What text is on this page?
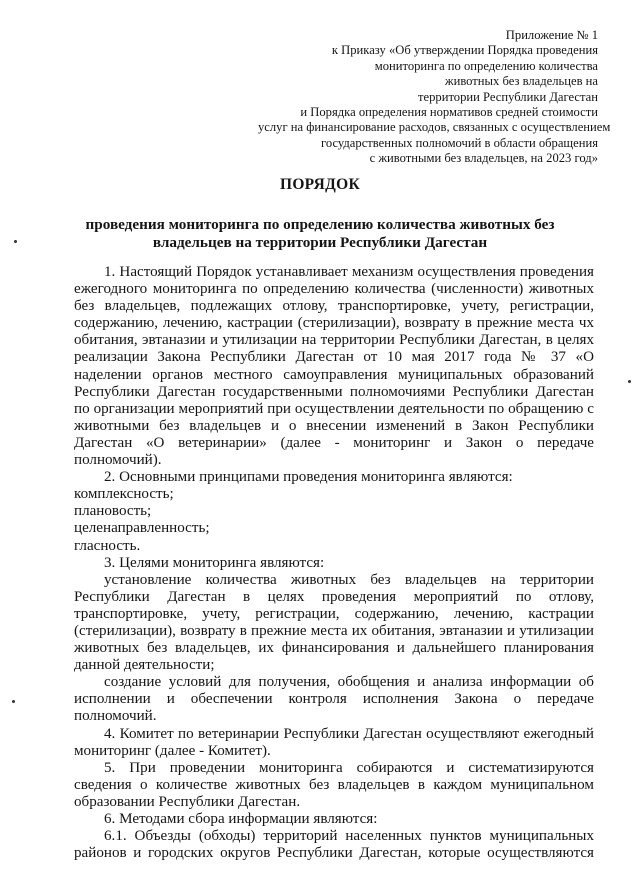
Приложение № 1
к Приказу «Об утверждении Порядка проведения
мониторинга по определению количества
животных без владельцев на
территории Республики Дагестан
и Порядка определения нормативов средней стоимости
услуг на финансирование расходов, связанных с осуществлением
государственных полномочий в области обращения
с животными без владельцев, на 2023 год»
ПОРЯДОК
проведения мониторинга по определению количества животных без владельцев на территории Республики Дагестан

1. Настоящий Порядок устанавливает механизм осуществления проведения ежегодного мониторинга по определению количества (численности) животных без владельцев, подлежащих отлову, транспортировке, учету, регистрации, содержанию, лечению, кастрации (стерилизации), возврату в прежние места чх обитания, эвтаназии и утилизации на территории Республики Дагестан, в целях реализации Закона Республики Дагестан от 10 мая 2017 года № 37 «О наделении органов местного самоуправления муниципальных образований Республики Дагестан государственными полномочиями Республики Дагестан по организации мероприятий при осуществлении деятельности по обращению с животными без владельцев и о внесении изменений в Закон Республики Дагестан «О ветеринарии» (далее - мониторинг и Закон о передаче полномочий).

2. Основными принципами проведения мониторинга являются:

комплексность;

плановость;

целенаправленность;

гласность.

3. Целями мониторинга являются:

установление количества животных без владельцев на территории Республики Дагестан в целях проведения мероприятий по отлову, транспортировке, учету, регистрации, содержанию, лечению, кастрации (стерилизации), возврату в прежние места их обитания, эвтаназии и утилизации животных без владельцев, их финансирования и дальнейшего планирования данной деятельности;

создание условий для получения, обобщения и анализа информации об исполнении и обеспечении контроля исполнения Закона о передаче полномочий.

4. Комитет по ветеринарии Республики Дагестан осуществляют ежегодный мониторинг (далее - Комитет).

5. При проведении мониторинга собираются и систематизируются сведения о количестве животных без владельцев в каждом муниципальном образовании Республики Дагестан.

6. Методами сбора информации являются:

6.1. Объезды (обходы) территорий населенных пунктов муниципальных районов и городских округов Республики Дагестан, которые осуществляются
